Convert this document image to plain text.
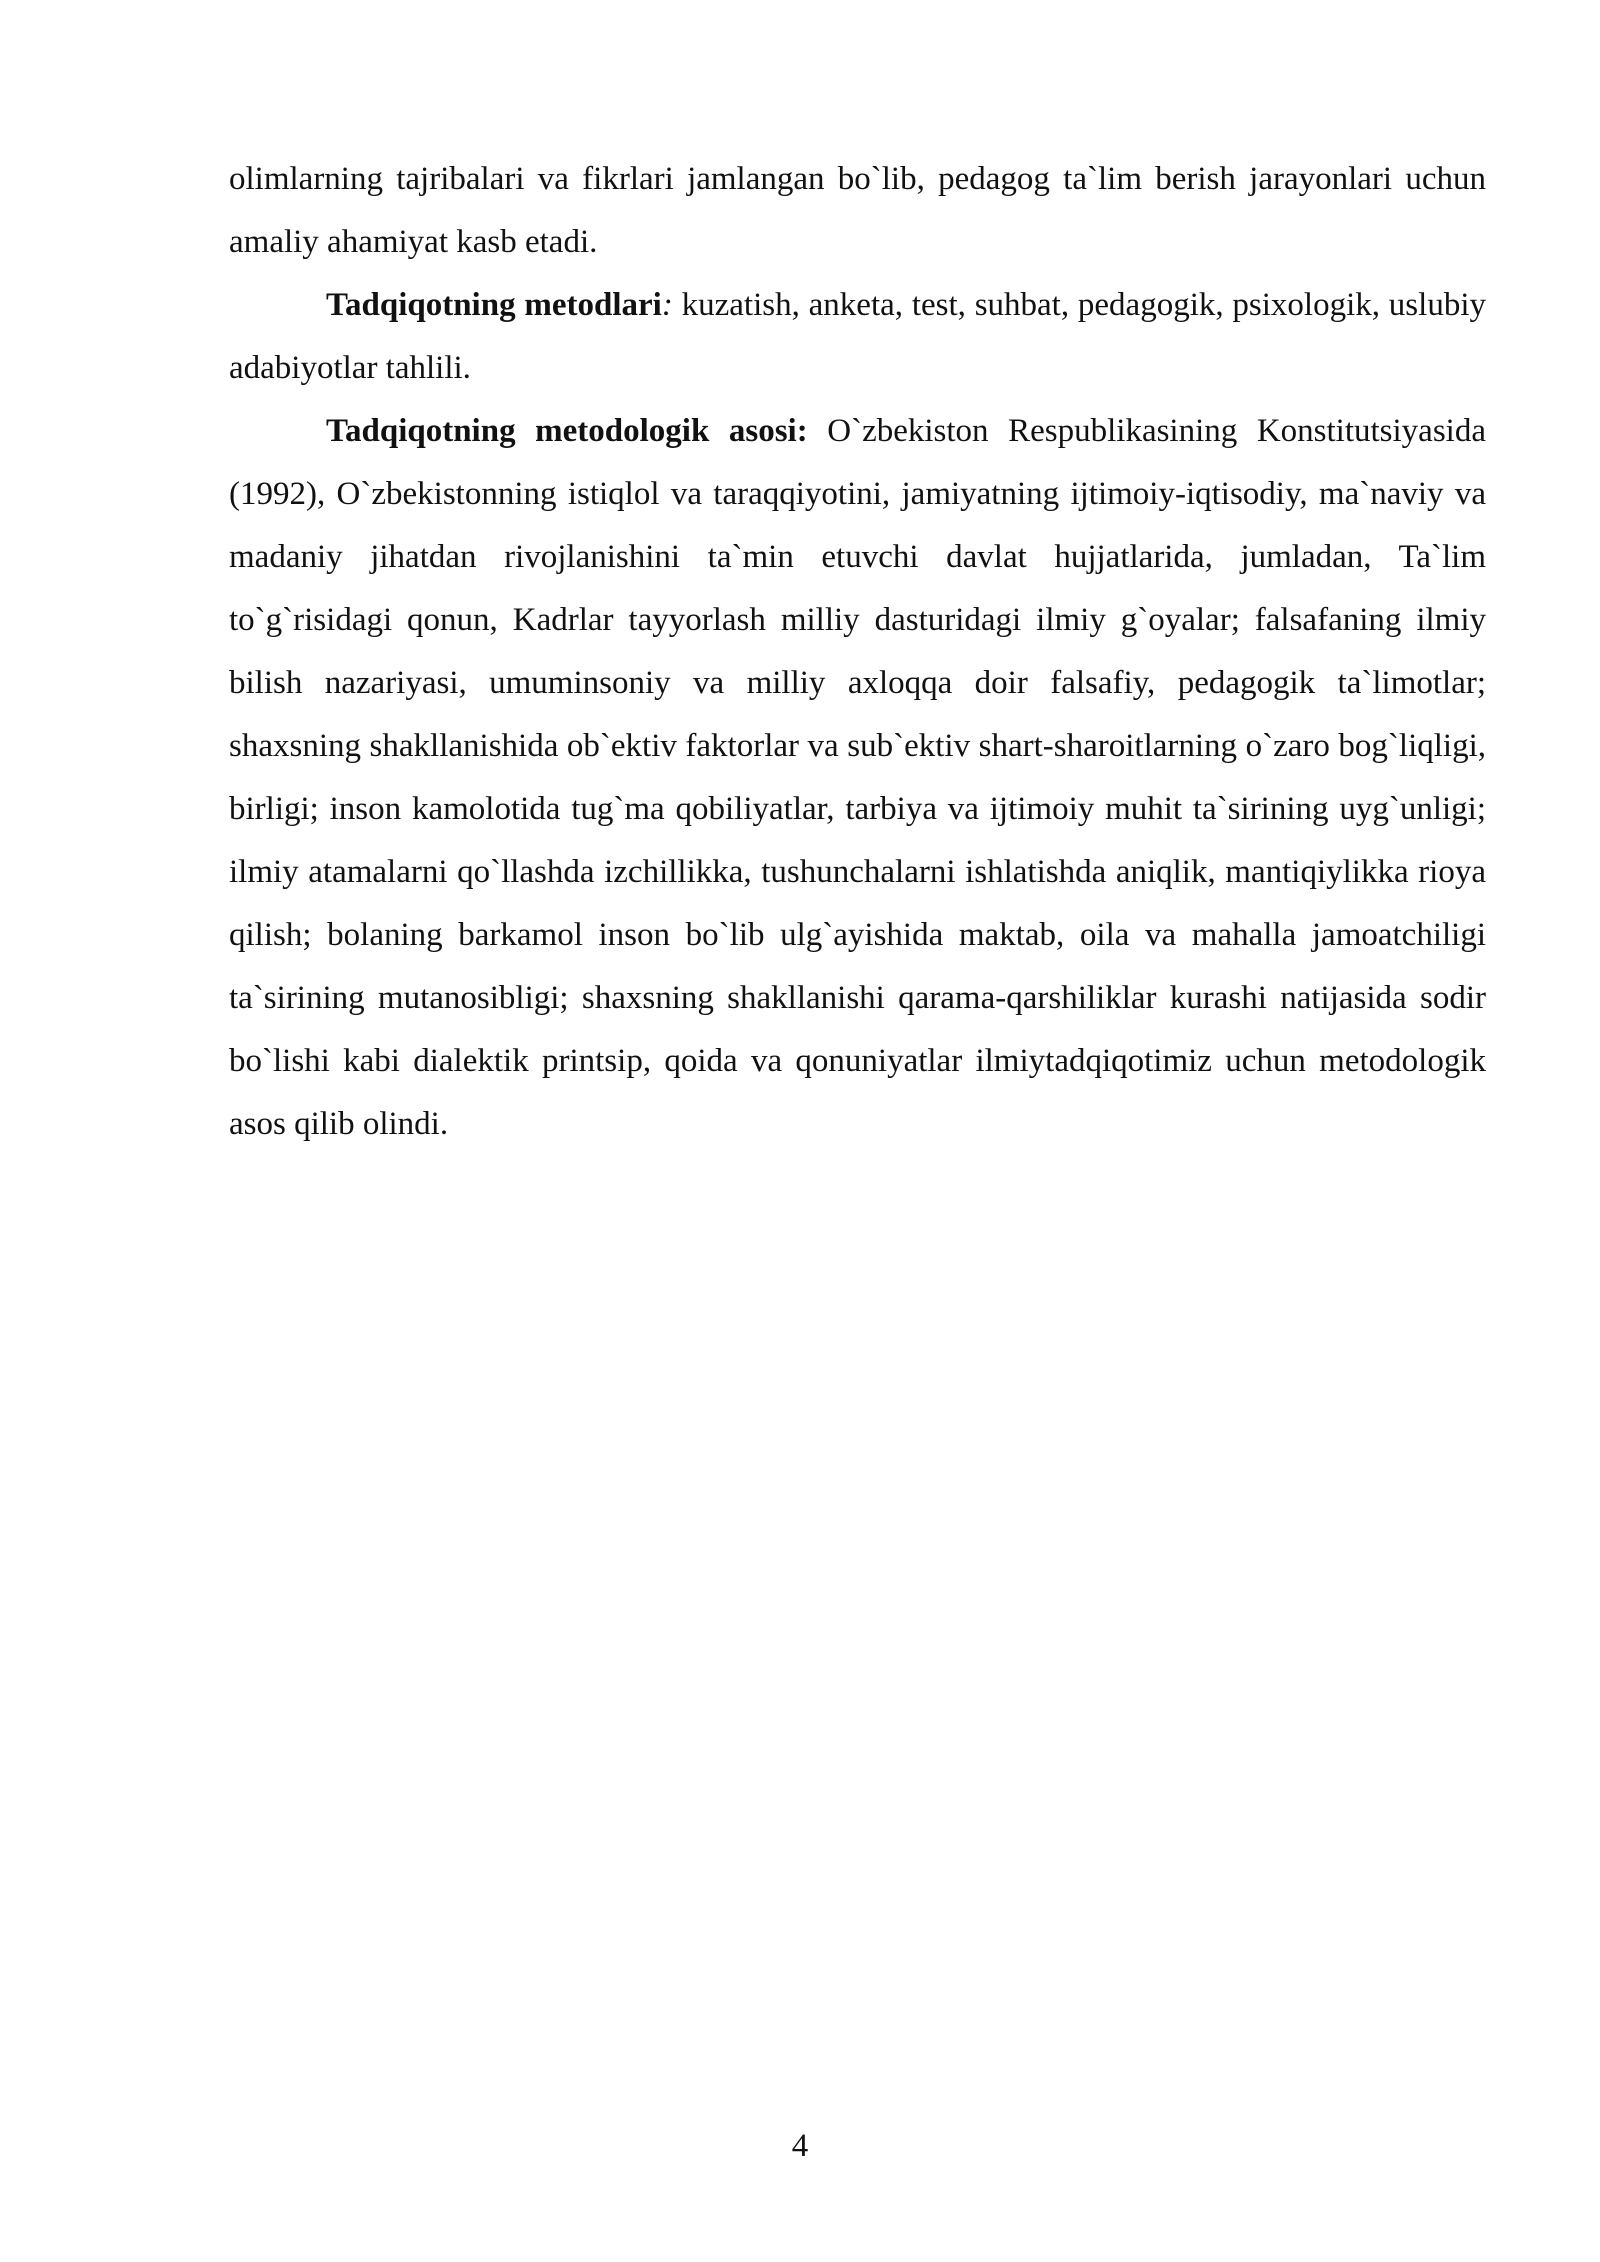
olimlarning tajribalari va fikrlari jamlangan bo`lib, pedagog ta`lim berish jarayonlari uchun amaliy ahamiyat kasb etadi.

Tadqiqotning metodlari: kuzatish, anketa, test, suhbat, pedagogik, psixologik, uslubiy adabiyotlar tahlili.

Tadqiqotning metodologik asosi: O`zbekiston Respublikasining Konstitutsiyasida (1992), O`zbekistonning istiqlol va taraqqiyotini, jamiyatning ijtimoiy-iqtisodiy, ma`naviy va madaniy jihatdan rivojlanishini ta`min etuvchi davlat hujjatlarida, jumladan, Ta`lim to`g`risidagi qonun, Kadrlar tayyorlash milliy dasturidagi ilmiy g`oyalar; falsafaning ilmiy bilish nazariyasi, umuminsoniy va milliy axloqqa doir falsafiy, pedagogik ta`limotlar; shaxsning shakllanishida ob`ektiv faktorlar va sub`ektiv shart-sharoitlarning o`zaro bog`liqligi, birligi; inson kamolotida tug`ma qobiliyatlar, tarbiya va ijtimoiy muhit ta`sirining uyg`unligi; ilmiy atamalarni qo`llashda izchillikka, tushunchalarni ishlatishda aniqlik, mantiqiylikka rioya qilish; bolaning barkamol inson bo`lib ulg`ayishida maktab, oila va mahalla jamoatchiligi ta`sirining mutanosibligi; shaxsning shakllanishi qarama-qarshiliklar kurashi natijasida sodir bo`lishi kabi dialektik printsip, qoida va qonuniyatlar ilmiytadqiqotimiz uchun metodologik asos qilib olindi.

4
